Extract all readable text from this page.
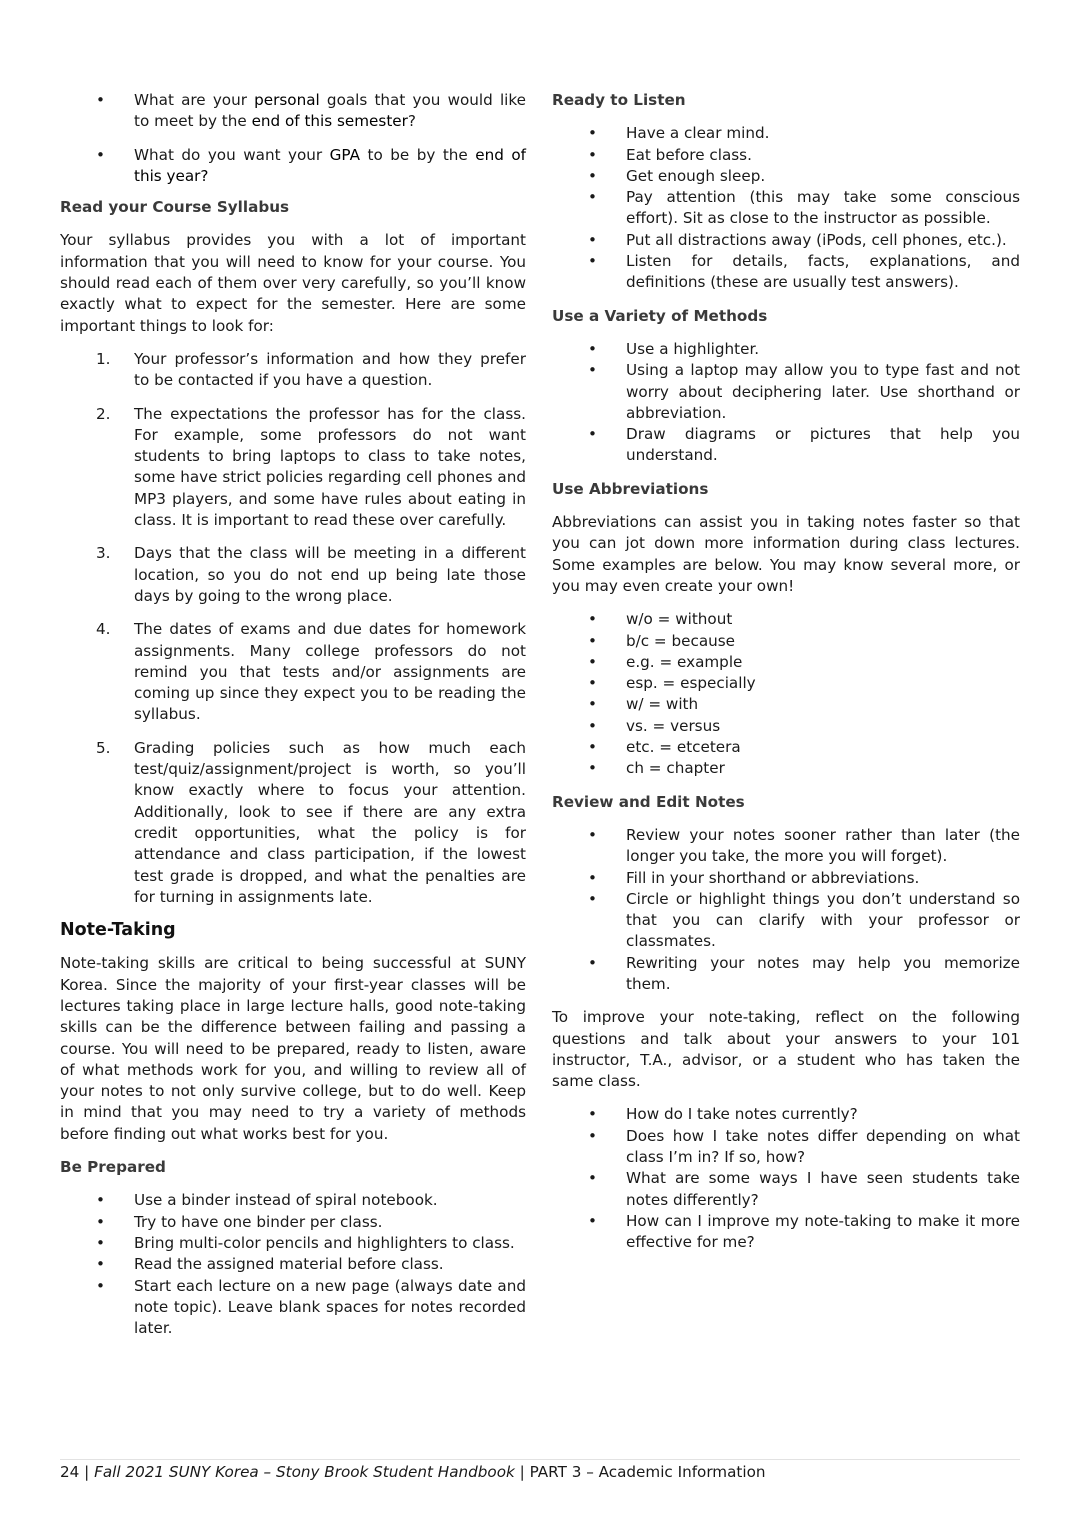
• What are your personal goals that you would like to meet by the end of this semester?
• What do you want your GPA to be by the end of this year?
Read your Course Syllabus

Your syllabus provides you with a lot of important information that you will need to know for your course. You should read each of them over very carefully, so you’ll know exactly what to expect for the semester. Here are some important things to look for:

1. Your professor’s information and how they prefer to be contacted if you have a question.
2. The expectations the professor has for the class. For example, some professors do not want students to bring laptops to class to take notes, some have strict policies regarding cell phones and MP3 players, and some have rules about eating in class. It is important to read these over carefully.
3. Days that the class will be meeting in a different location, so you do not end up being late those days by going to the wrong place.
4. The dates of exams and due dates for homework assignments. Many college professors do not remind you that tests and/or assignments are coming up since they expect you to be reading the syllabus.
5. Grading policies such as how much each test/quiz/assignment/project is worth, so you’ll know exactly where to focus your attention. Additionally, look to see if there are any extra credit opportunities, what the policy is for attendance and class participation, if the lowest test grade is dropped, and what the penalties are for turning in assignments late.
Note-Taking

Note-taking skills are critical to being successful at SUNY Korea. Since the majority of your first-year classes will be lectures taking place in large lecture halls, good note-taking skills can be the difference between failing and passing a course. You will need to be prepared, ready to listen, aware of what methods work for you, and willing to review all of your notes to not only survive college, but to do well. Keep in mind that you may need to try a variety of methods before finding out what works best for you.

Be Prepared
• Use a binder instead of spiral notebook.
• Try to have one binder per class.
• Bring multi-color pencils and highlighters to class.
• Read the assigned material before class.
• Start each lecture on a new page (always date and note topic). Leave blank spaces for notes recorded later.
Ready to Listen
• Have a clear mind.
• Eat before class.
• Get enough sleep.
• Pay attention (this may take some conscious effort). Sit as close to the instructor as possible.
• Put all distractions away (iPods, cell phones, etc.).
• Listen for details, facts, explanations, and definitions (these are usually test answers).
Use a Variety of Methods
• Use a highlighter.
• Using a laptop may allow you to type fast and not worry about deciphering later. Use shorthand or abbreviation.
• Draw diagrams or pictures that help you understand.
Use Abbreviations

Abbreviations can assist you in taking notes faster so that you can jot down more information during class lectures. Some examples are below. You may know several more, or you may even create your own!

• w/o = without
• b/c = because
• e.g. = example
• esp. = especially
• w/ = with
• vs. = versus
• etc. = etcetera
• ch = chapter
Review and Edit Notes
• Review your notes sooner rather than later (the longer you take, the more you will forget).
• Fill in your shorthand or abbreviations.
• Circle or highlight things you don’t understand so that you can clarify with your professor or classmates.
• Rewriting your notes may help you memorize them.

To improve your note-taking, reflect on the following questions and talk about your answers to your 101 instructor, T.A., advisor, or a student who has taken the same class.

• How do I take notes currently?
• Does how I take notes differ depending on what class I’m in? If so, how?
• What are some ways I have seen students take notes differently?
• How can I improve my note-taking to make it more effective for me?
24 | Fall 2021 SUNY Korea – Stony Brook Student Handbook | PART 3 – Academic Information
